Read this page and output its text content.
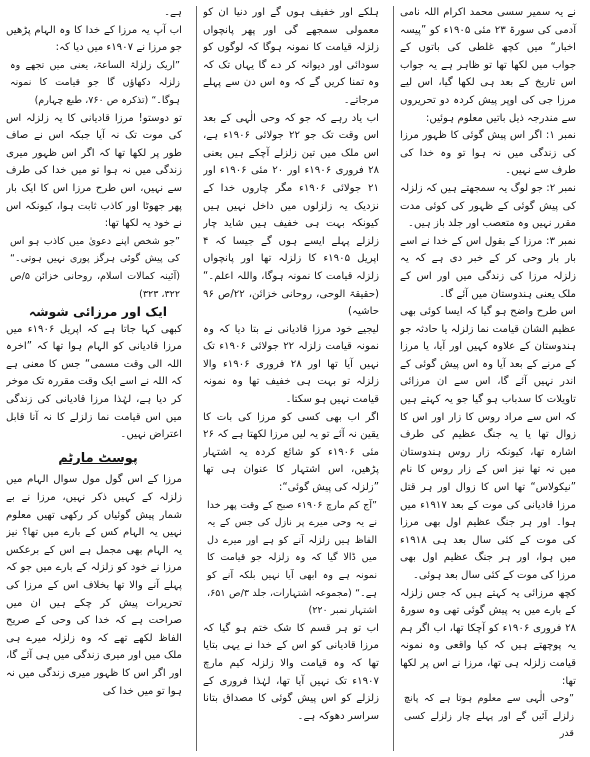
نے یہ سمیر سسی محمد اکرام اللہ نامی آدمی کی سورۃ ۲۳ مئی ۱۹۰۵ء کو ”پیسہ اخبار“ میں کچھ غلطی کی باتوں کے جواب میں لکھا تھا تو ظاہر ہے یہ جواب اس تاریخ کے بعد ہی لکھا گیا، اس لیے مرزا جی کی اوپر پیش کردہ دو تحریروں سے مندرجہ ذیل باتیں معلوم ہوئیں:

نمبر ۱: اگر اس پیش گوئی کا ظہور مرزا کی زندگی میں نہ ہوا تو وہ خدا کی طرف سے نہیں۔

نمبر ۲: جو لوگ یہ سمجھتے ہیں کہ زلزلہ کی پیش گوئی کے ظہور کی کوئی مدت مقرر نہیں وہ متعصب اور جلد باز ہیں۔

نمبر ۳: مرزا کے بقول اس کے خدا نے اسے بار بار وحی کر کے خبر دی ہے کہ یہ زلزلہ مرزا کی زندگی میں اور اس کے ملک یعنی ہندوستان میں آئے گا۔

اس طرح واضح ہو گیا کہ ایسا کوئی بھی عظیم الشان قیامت نما زلزلہ یا حادثہ جو ہندوستان کے علاوہ کہیں اور آیا، یا مرزا کے مرنے کے بعد آیا وہ اس پیش گوئی کے اندر نہیں آئے گا، اس سے ان مرزائی تاویلات کا سدباب ہو گیا جو یہ کہتے ہیں کہ اس سے مراد روس کا زار اور اس کا زوال تھا یا یہ جنگ عظیم کی طرف اشارہ تھا، کیونکہ زار روس ہندوستان میں نہ تھا نیز اس کے زار روس کا نام ”نیکولاس“ تھا اس کا زوال اور ہر قتل مرزا قادیانی کی موت کے بعد ۱۹۱۷ء میں ہوا۔ اور ہر جنگ عظیم اول بھی مرزا کی موت کے کئی سال بعد ہی ۱۹۱۸ء میں ہوا، اور ہر جنگ عظیم اول بھی مرزا کی موت کے کئی سال بعد ہوئی۔

کچھ مرزائی یہ کہتے ہیں کہ جس زلزلہ کے بارے میں یہ پیش گوئی تھی وہ سورۃ ۲۸ فروری ۱۹۰۶ء کو آچکا تھا، اب اگر ہم یہ پوچھتے ہیں کہ کیا واقعی وہ نمونہ قیامت زلزلہ ہی تھا، مرزا نے اس پر لکھا تھا:

”وحی الٰہی سے معلوم ہوتا ہے کہ پانچ زلزلے آئیں گے اور پہلے چار زلزلے کسی قدر

ہلکے اور خفیف ہوں گے اور دنیا ان کو معمولی سمجھے گی اور پھر پانچواں زلزلہ قیامت کا نمونہ ہوگا کہ لوگوں کو سودائی اور دیوانہ کر دے گا یہاں تک کہ وہ تمنا کریں گے کہ وہ اس دن سے پہلے مرجاتے۔

اب یاد رہے کہ جو کہ وحی الٰہی کے بعد اس وقت تک جو ۲۲ جولائی ۱۹۰۶ء ہے، اس ملک میں تین زلزلے آچکے ہیں یعنی ۲۸ فروری ۱۹۰۶ء اور ۲۰ مئی ۱۹۰۶ء اور ۲۱ جولائی ۱۹۰۶ء مگر چاروں خدا کے نزدیک یہ زلزلوں میں داخل نہیں ہیں کیونکہ بہت ہی خفیف ہیں شاید چار زلزلے پہلے ایسے ہوں گے جیسا کہ ۴ اپریل ۱۹۰۵ء کا زلزلہ تھا اور پانچواں زلزلہ قیامت کا نمونہ ہوگا، واللہ اعلم۔“ (حقیقۃ الوحی، روحانی خزائن، ۲۲/ص ۹۶ حاشیہ)

لیجیے خود مرزا قادیانی نے بتا دیا کہ وہ نمونہ قیامت زلزلہ ۲۲ جولائی ۱۹۰۶ء تک نہیں آیا تھا اور ۲۸ فروری ۱۹۰۶ء والا زلزلہ تو بہت ہی خفیف تھا وہ نمونہ قیامت نہیں ہو سکتا۔

اگر اب بھی کسی کو مرزا کی بات کا یقین نہ آئے تو یہ لیں مرزا لکھتا ہے کہ ۲۶ مئی ۱۹۰۶ء کو شائع کردہ یہ اشتہار پڑھیں، اس اشتہار کا عنوان ہی تھا ”زلزلہ کی پیش گوئی“:

”آج کم مارچ ۱۹۰۶ء صبح کے وقت پھر خدا نے یہ وحی میرے پر نازل کی جس کے یہ الفاظ ہیں زلزلہ آنے کو ہے اور میرے دل میں ڈالا گیا کہ وہ زلزلہ جو قیامت کا نمونہ ہے وہ ابھی آیا نہیں بلکہ آنے کو ہے۔“ (مجموعہ اشتہارات، جلد ۳/ص ۶۵۱، اشتہار نمبر ۲۲۰)

اب تو ہر قسم کا شک ختم ہو گیا کہ مرزا قادیانی کو اس کے خدا نے یہی بتایا تھا کہ وہ قیامت والا زلزلہ کیم مارچ ۱۹۰۷ء تک نہیں آیا تھا، لہٰذا فروری کے زلزلے کو اس پیش گوئی کا مصداق بتانا سراسر دھوکہ ہے۔

ہے۔

اب آپ یہ مرزا کے خدا کا وہ الہام پڑھیں جو مرزا نے ۱۹۰۷ء میں دیا کہ:

”اریک زلزلۃ الساعۃ، یعنی میں تجھے وہ زلزلہ دکھاؤں گا جو قیامت کا نمونہ ہوگا۔“ (تذکرہ ص ۷۶۰، طبع چہارم)

تو دوستو! مرزا قادیانی کا یہ زلزلہ اس کی موت تک نہ آیا جبکہ اس نے صاف طور پر لکھا تھا کہ اگر اس ظہور میری زندگی میں نہ ہوا تو میں خدا کی طرف سے نہیں، اس طرح مرزا اس کا ایک بار پھر جھوٹا اور کاذب ثابت ہوا، کیونکہ اس نے خود یہ لکھا تھا:

”جو شخص اپنے دعویٰ میں کاذب ہو اس کی پیش گوئی ہرگز پوری نہیں ہوتی۔“ (آئینہ کمالات اسلام، روحانی خزائن ۵/ص ۳۲۲، ۳۲۳)

ایک اور مرزائی شوشہ

کبھی کہا جاتا ہے کہ اپریل ۱۹۰۶ء میں مرزا قادیانی کو الہام ہوا تھا کہ ”اخرہ اللہ الی وقت مسمی“ جس کا معنی ہے کہ اللہ نے اسے ایک وقت مقررہ تک موخر کر دیا ہے، لہٰذا مرزا قادیانی کی زندگی میں اس قیامت نما زلزلے کا نہ آنا قابل اعتراض نہیں۔

پوسٹ مارٹم

مرزا کے اس گول مول سوال الہام میں زلزلہ کے کہیں ذکر نہیں، مرزا نے بے شمار پیش گوئیاں کر رکھی تھیں معلوم نہیں یہ الہام کس کے بارے میں تھا؟ نیز یہ الہام بھی مجمل ہے اس کے برعکس مرزا نے خود کو زلزلہ کے بارے میں جو کہ پہلے آنے والا تھا بخلاف اس کے مرزا کی تحریرات پیش کر چکے ہیں ان میں صراحت ہے کہ خدا کی وحی کے صریح الفاظ لکھے تھے کہ وہ زلزلہ میرے ہی ملک میں اور میری زندگی میں ہی آئے گا، اور اگر اس کا ظہور میری زندگی میں نہ ہوا تو میں خدا کی
